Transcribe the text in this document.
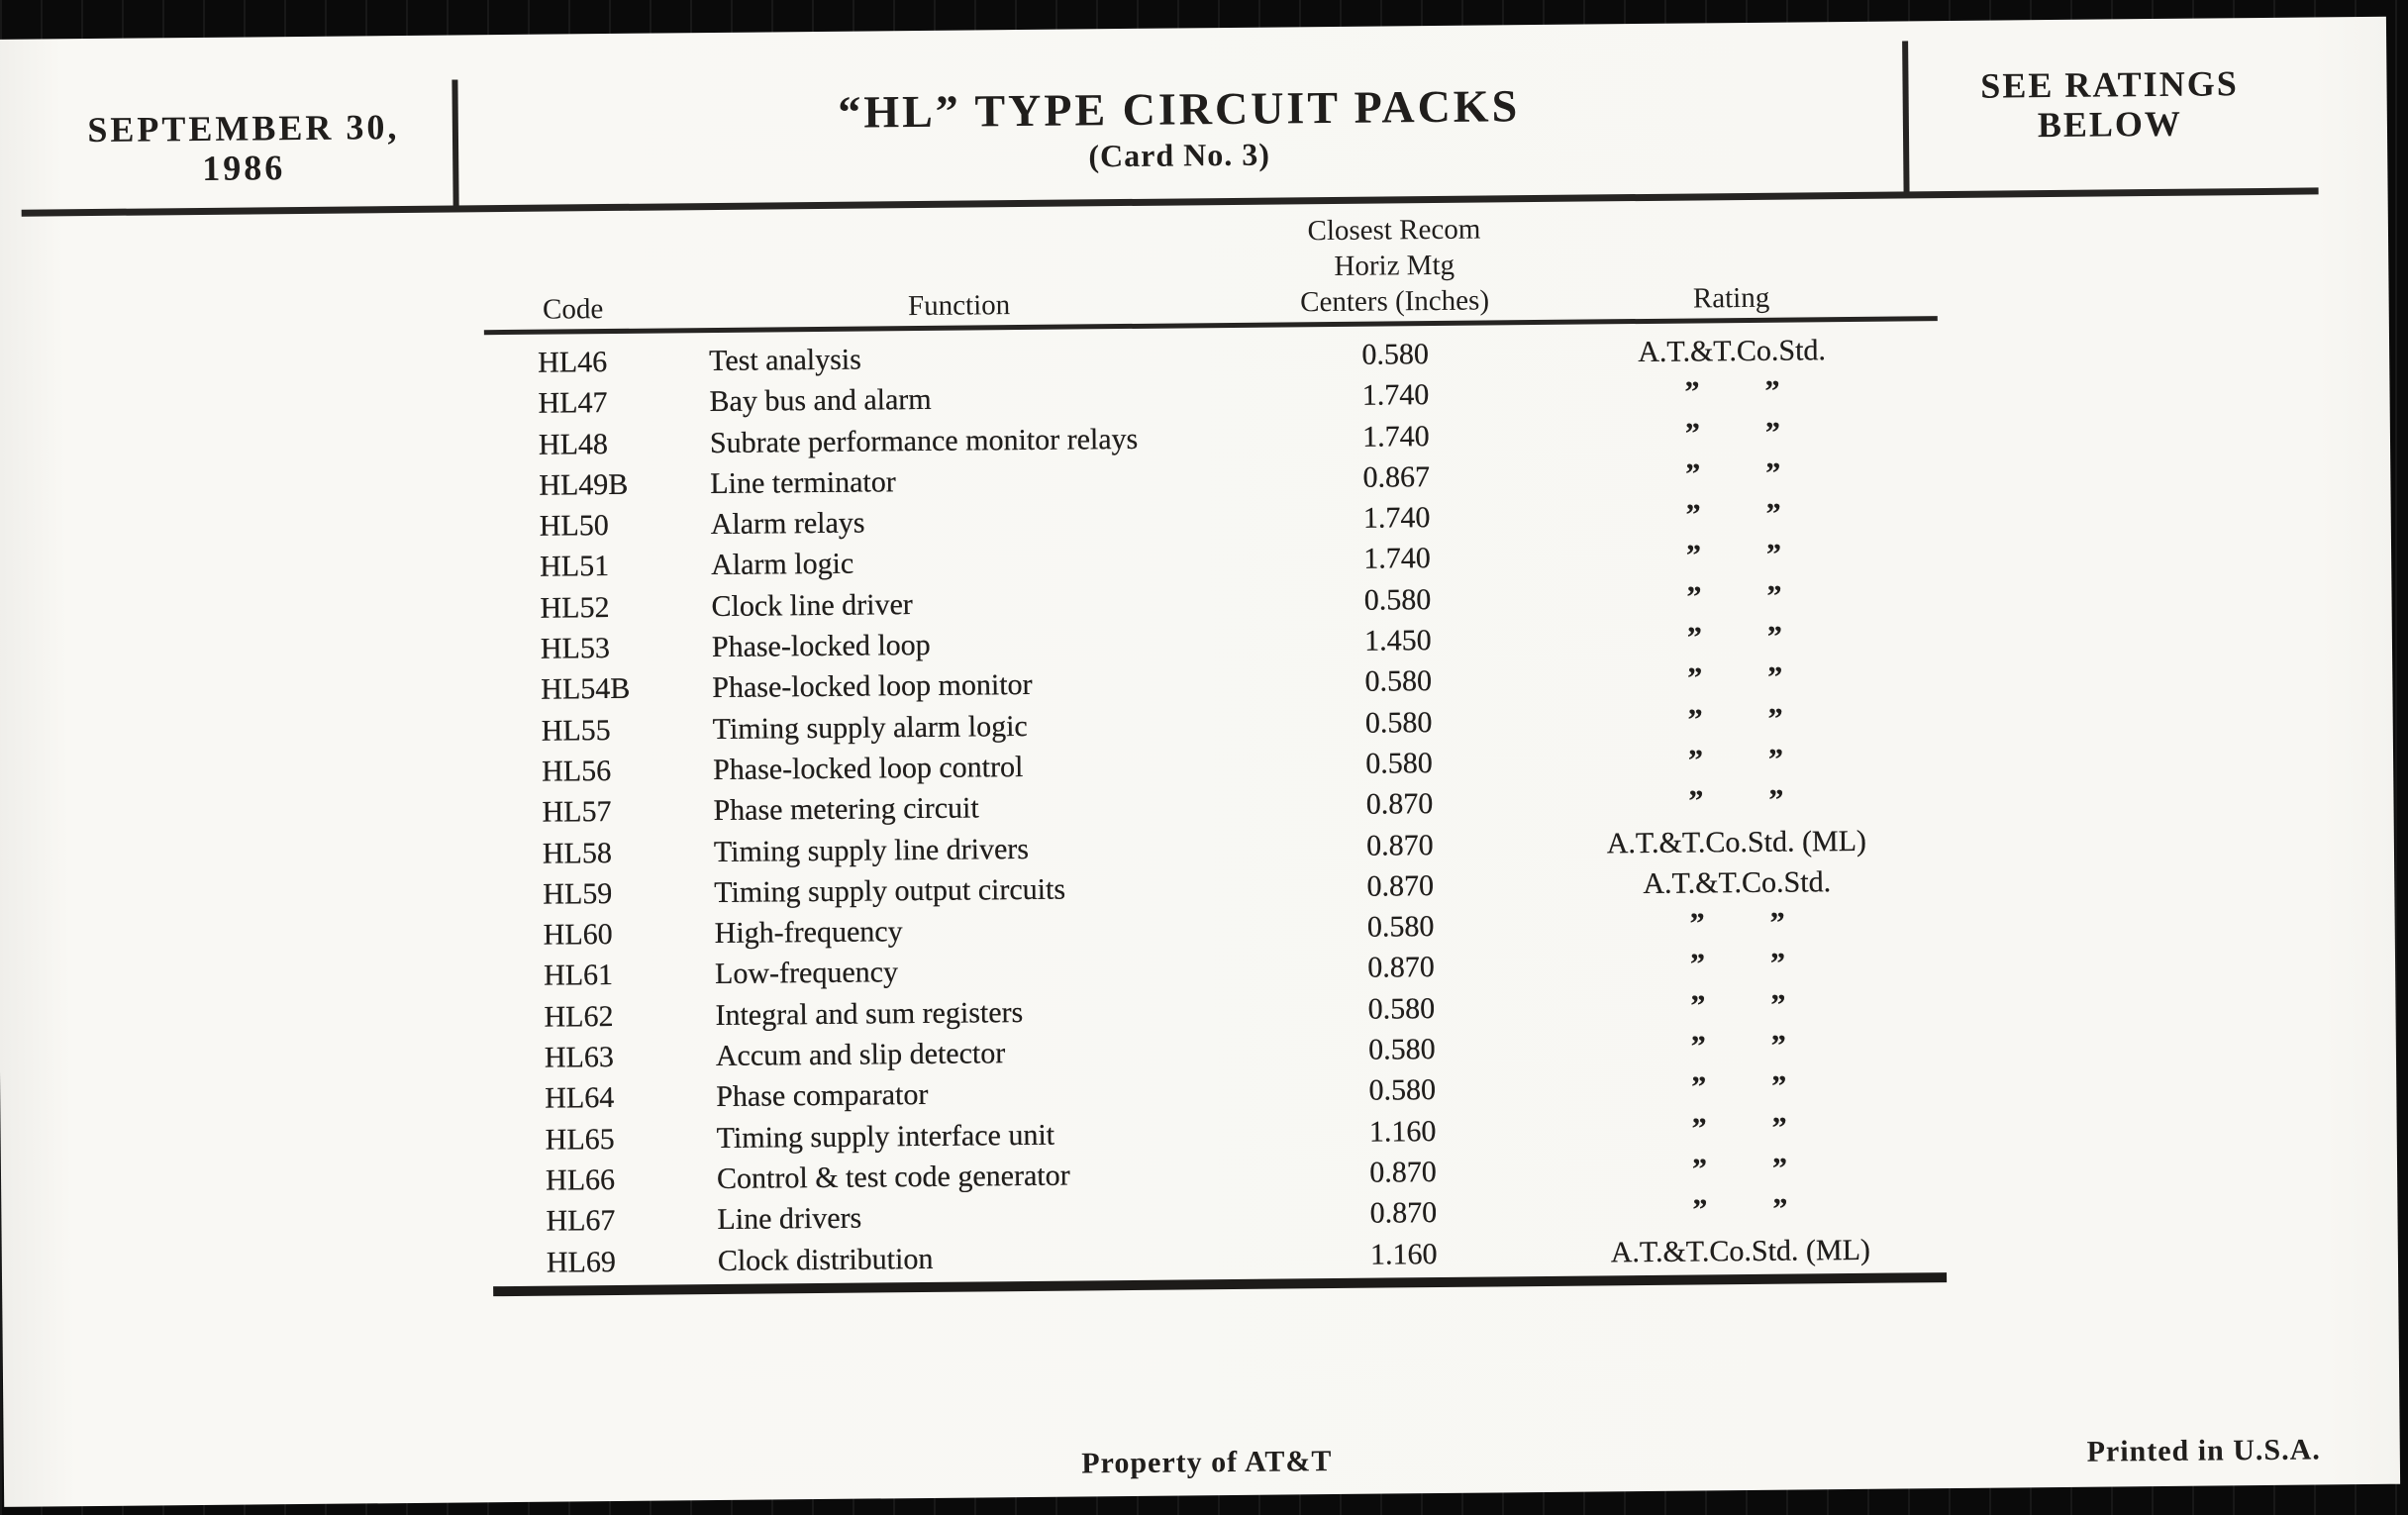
SEPTEMBER 30,
1986
“HL” TYPE CIRCUIT PACKS
(Card No. 3)
SEE RATINGS
BELOW
Code	Function
Closest Recom
Horiz Mtg
Centers (Inches)	Rating
HL46	Test analysis	0.580	A.T.&T.Co.Std.
HL47	Bay bus and alarm	1.740	” ”
HL48	Subrate performance monitor relays	1.740	” ”
HL49B	Line terminator	0.867	” ”
HL50	Alarm relays	1.740	” ”
HL51	Alarm logic	1.740	” ”
HL52	Clock line driver	0.580	” ”
HL53	Phase-locked loop	1.450	” ”
HL54B	Phase-locked loop monitor	0.580	” ”
HL55	Timing supply alarm logic	0.580	” ”
HL56	Phase-locked loop control	0.580	” ”
HL57	Phase metering circuit	0.870	” ”
HL58	Timing supply line drivers	0.870	A.T.&T.Co.Std. (ML)
HL59	Timing supply output circuits	0.870	A.T.&T.Co.Std.
HL60	High-frequency	0.580	” ”
HL61	Low-frequency	0.870	” ”
HL62	Integral and sum registers	0.580	” ”
HL63	Accum and slip detector	0.580	” ”
HL64	Phase comparator	0.580	” ”
HL65	Timing supply interface unit	1.160	” ”
HL66	Control & test code generator	0.870	” ”
HL67	Line drivers	0.870	” ”
HL69	Clock distribution	1.160	A.T.&T.Co.Std. (ML)
Property of AT&T	Printed in U.S.A.
